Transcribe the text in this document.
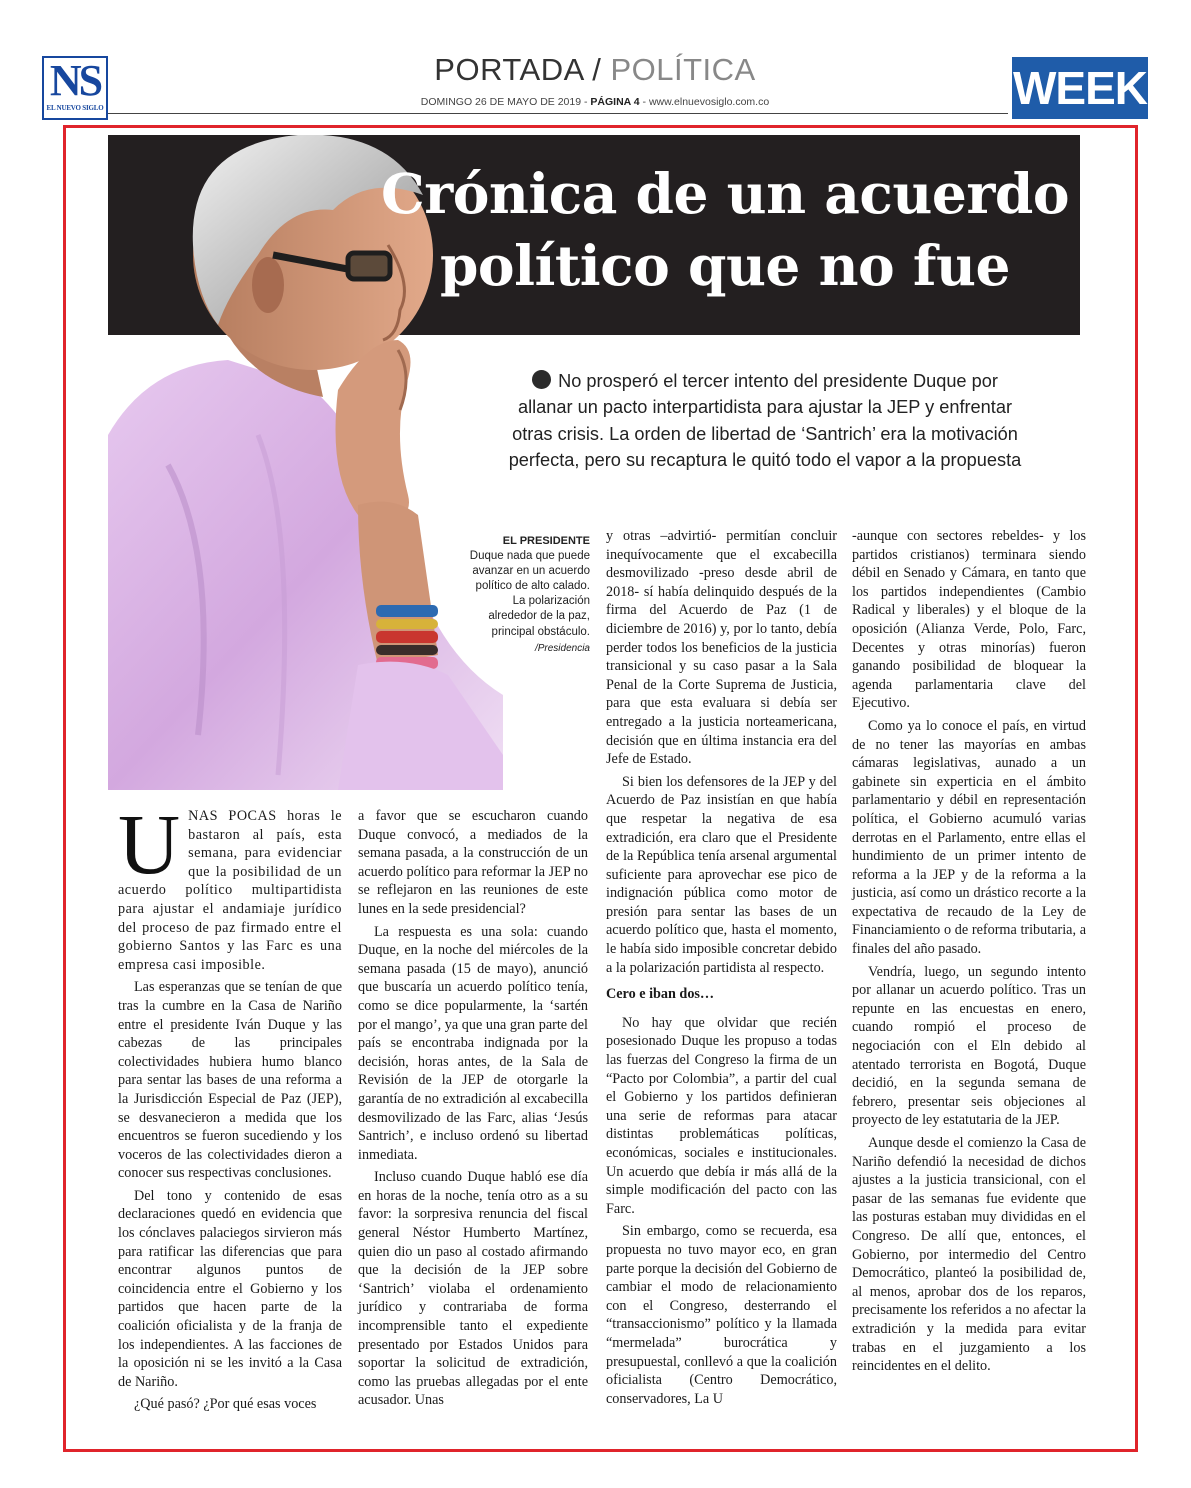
NS
EL NUEVO SIGLO
PORTADA / POLÍTICA
DOMINGO 26 DE MAYO DE 2019 - PÁGINA 4 - www.elnuevosiglo.com.co	WEEK
Crónica de un acuerdo político que no fue
No prosperó el tercer intento del presidente Duque por allanar un pacto interpartidista para ajustar la JEP y enfrentar otras crisis. La orden de libertad de ‘Santrich’ era la motivación perfecta, pero su recaptura le quitó todo el vapor a la propuesta
EL PRESIDENTE
Duque nada que puede avanzar en un acuerdo político de alto calado. La polarización alrededor de la paz, principal obstáculo.
/Presidencia

UNAS POCAS horas le bastaron al país, esta semana, para evidenciar que la posibilidad de un acuerdo político multipartidista para ajustar el andamiaje jurídico del proceso de paz firmado entre el gobierno Santos y las Farc es una empresa casi imposible.

Las esperanzas que se tenían de que tras la cumbre en la Casa de Nariño entre el presidente Iván Duque y las cabezas de las principales colectividades hubiera humo blanco para sentar las bases de una reforma a la Jurisdicción Especial de Paz (JEP), se desvanecieron a medida que los encuentros se fueron sucediendo y los voceros de las colectividades dieron a conocer sus respectivas conclusiones.

Del tono y contenido de esas declaraciones quedó en evidencia que los cónclaves palaciegos sirvieron más para ratificar las diferencias que para encontrar algunos puntos de coincidencia entre el Gobierno y los partidos que hacen parte de la coalición oficialista y de la franja de los independientes. A las facciones de la oposición ni se les invitó a la Casa de Nariño.

¿Qué pasó? ¿Por qué esas voces

a favor que se escucharon cuando Duque convocó, a mediados de la semana pasada, a la construcción de un acuerdo político para reformar la JEP no se reflejaron en las reuniones de este lunes en la sede presidencial?

La respuesta es una sola: cuando Duque, en la noche del miércoles de la semana pasada (15 de mayo), anunció que buscaría un acuerdo político tenía, como se dice popularmente, la ‘sartén por el mango’, ya que una gran parte del país se encontraba indignada por la decisión, horas antes, de la Sala de Revisión de la JEP de otorgarle la garantía de no extradición al excabecilla desmovilizado de las Farc, alias ‘Jesús Santrich’, e incluso ordenó su libertad inmediata.

Incluso cuando Duque habló ese día en horas de la noche, tenía otro as a su favor: la sorpresiva renuncia del fiscal general Néstor Humberto Martínez, quien dio un paso al costado afirmando que la decisión de la JEP sobre ‘Santrich’ violaba el ordenamiento jurídico y contrariaba de forma incomprensible tanto el expediente presentado por Estados Unidos para soportar la solicitud de extradición, como las pruebas allegadas por el ente acusador. Unas

y otras –advirtió- permitían concluir inequívocamente que el excabecilla desmovilizado -preso desde abril de 2018- sí había delinquido después de la firma del Acuerdo de Paz (1 de diciembre de 2016) y, por lo tanto, debía perder todos los beneficios de la justicia transicional y su caso pasar a la Sala Penal de la Corte Suprema de Justicia, para que esta evaluara si debía ser entregado a la justicia norteamericana, decisión que en última instancia era del Jefe de Estado.

Si bien los defensores de la JEP y del Acuerdo de Paz insistían en que había que respetar la negativa de esa extradición, era claro que el Presidente de la República tenía arsenal argumental suficiente para aprovechar ese pico de indignación pública como motor de presión para sentar las bases de un acuerdo político que, hasta el momento, le había sido imposible concretar debido a la polarización partidista al respecto.

Cero e iban dos…

No hay que olvidar que recién posesionado Duque les propuso a todas las fuerzas del Congreso la firma de un “Pacto por Colombia”, a partir del cual el Gobierno y los partidos definieran una serie de reformas para atacar distintas problemáticas políticas, económicas, sociales e institucionales. Un acuerdo que debía ir más allá de la simple modificación del pacto con las Farc.

Sin embargo, como se recuerda, esa propuesta no tuvo mayor eco, en gran parte porque la decisión del Gobierno de cambiar el modo de relacionamiento con el Congreso, desterrando el “transaccionismo” político y la llamada “mermelada” burocrática y presupuestal, conllevó a que la coalición oficialista (Centro Democrático, conservadores, La U

-aunque con sectores rebeldes- y los partidos cristianos) terminara siendo débil en Senado y Cámara, en tanto que los partidos independientes (Cambio Radical y liberales) y el bloque de la oposición (Alianza Verde, Polo, Farc, Decentes y otras minorías) fueron ganando posibilidad de bloquear la agenda parlamentaria clave del Ejecutivo.

Como ya lo conoce el país, en virtud de no tener las mayorías en ambas cámaras legislativas, aunado a un gabinete sin experticia en el ámbito parlamentario y débil en representación política, el Gobierno acumuló varias derrotas en el Parlamento, entre ellas el hundimiento de un primer intento de reforma a la JEP y de la reforma a la justicia, así como un drástico recorte a la expectativa de recaudo de la Ley de Financiamiento o de reforma tributaria, a finales del año pasado.

Vendría, luego, un segundo intento por allanar un acuerdo político. Tras un repunte en las encuestas en enero, cuando rompió el proceso de negociación con el Eln debido al atentado terrorista en Bogotá, Duque decidió, en la segunda semana de febrero, presentar seis objeciones al proyecto de ley estatutaria de la JEP.

Aunque desde el comienzo la Casa de Nariño defendió la necesidad de dichos ajustes a la justicia transicional, con el pasar de las semanas fue evidente que las posturas estaban muy divididas en el Congreso. De allí que, entonces, el Gobierno, por intermedio del Centro Democrático, planteó la posibilidad de, al menos, aprobar dos de los reparos, precisamente los referidos a no afectar la extradición y la medida para evitar trabas en el juzgamiento a los reincidentes en el delito.
